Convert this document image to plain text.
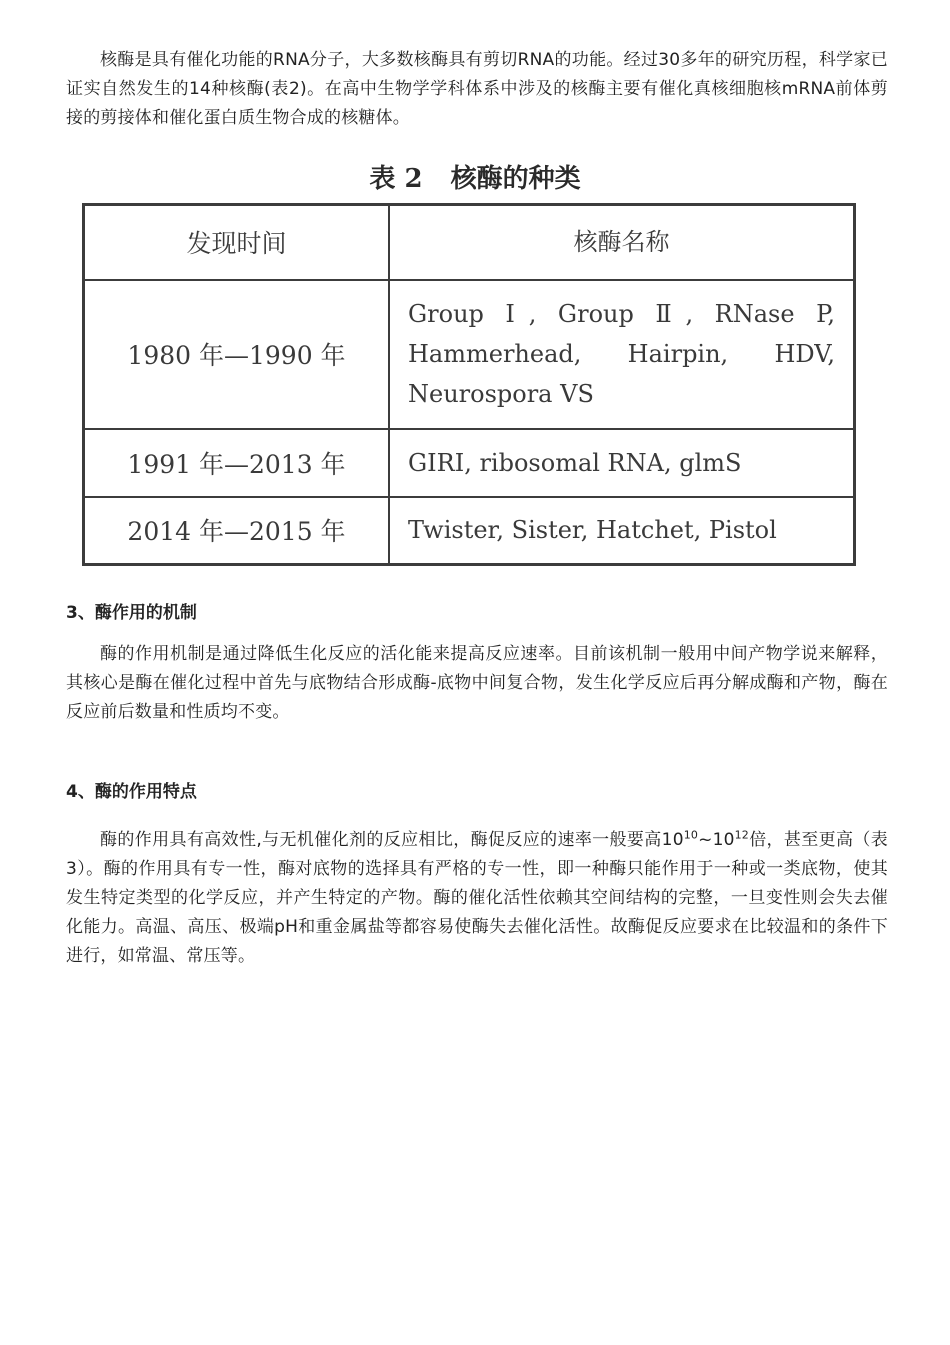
核酶是具有催化功能的RNA分子，大多数核酶具有剪切RNA的功能。经过30多年的研究历程，科学家已证实自然发生的14种核酶(表2)。在高中生物学学科体系中涉及的核酶主要有催化真核细胞核mRNA前体剪接的剪接体和催化蛋白质生物合成的核糖体。

表 2 核酶的种类
发现时间	核酶名称
1980 年—1990 年	Group Ⅰ, Group Ⅱ, RNase P, Hammerhead, Hairpin, HDV, Neurospora VS

1991 年—2013 年	GIRI, ribosomal RNA, glmS
2014 年—2015 年	Twister, Sister, Hatchet, Pistol
3、酶作用的机制

酶的作用机制是通过降低生化反应的活化能来提高反应速率。目前该机制一般用中间产物学说来解释，其核心是酶在催化过程中首先与底物结合形成酶-底物中间复合物，发生化学反应后再分解成酶和产物，酶在反应前后数量和性质均不变。

4、酶的作用特点

酶的作用具有高效性,与无机催化剂的反应相比，酶促反应的速率一般要高$10^{10}\sim 10^{12}$倍，甚至更高（表3）。酶的作用具有专一性，酶对底物的选择具有严格的专一性，即一种酶只能作用于一种或一类底物，使其发生特定类型的化学反应，并产生特定的产物。酶的催化活性依赖其空间结构的完整，一旦变性则会失去催化能力。高温、高压、极端pH和重金属盐等都容易使酶失去催化活性。故酶促反应要求在比较温和的条件下进行，如常温、常压等。
